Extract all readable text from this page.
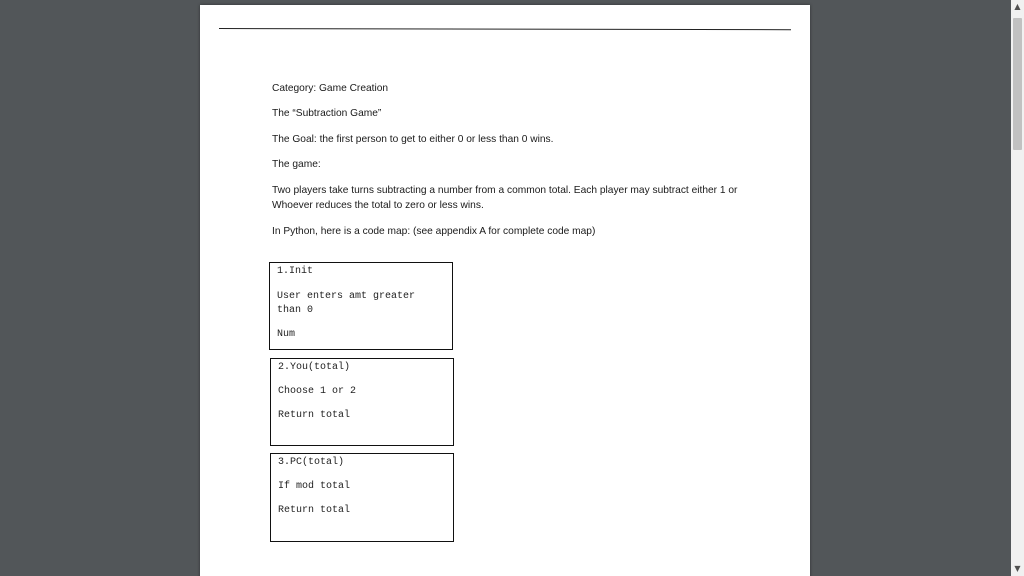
Category: Game Creation
The “Subtraction Game”
The Goal: the first person to get to either 0 or less than 0 wins.
The game:
Two players take turns subtracting a number from a common total. Each player may subtract either 1 or
Whoever reduces the total to zero or less wins.
In Python, here is a code map: (see appendix A for complete code map)
1.Init
User enters amt greater
than 0
Num
2.You(total)
Choose 1 or 2
Return total
3.PC(total)
If mod total
Return total
▲
▼
